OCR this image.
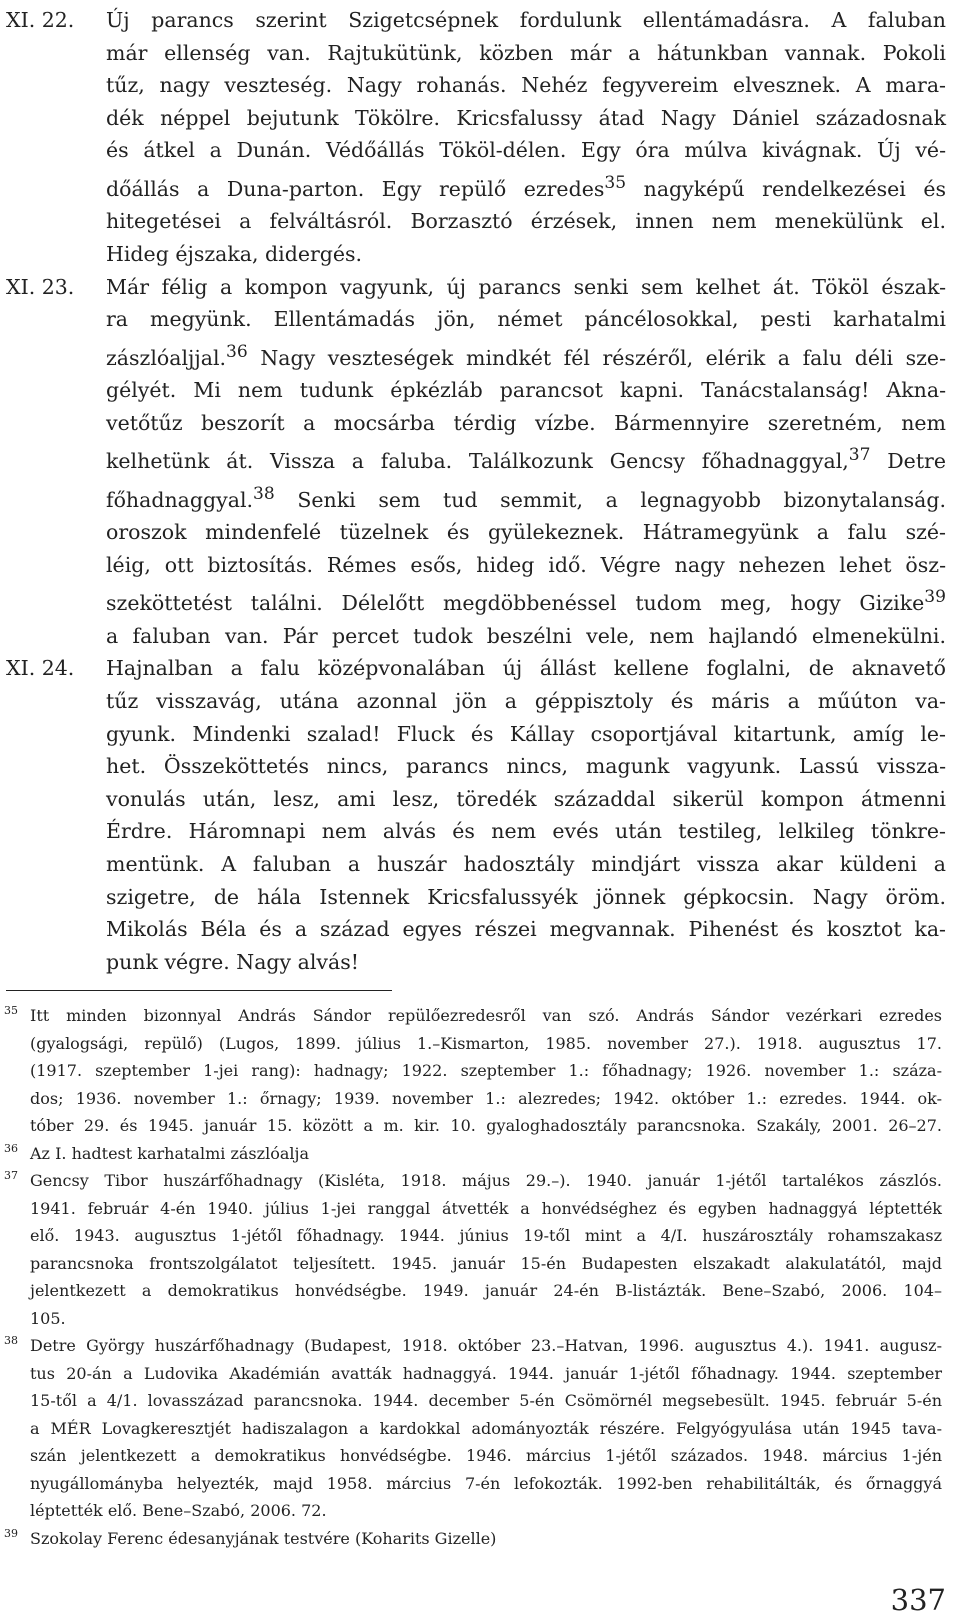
XI. 22.	Új parancs szerint Szigetcsépnek fordulunk ellentámadásra. A faluban
már ellenség van. Rajtukütünk, közben már a hátunkban vannak. Pokoli
tűz, nagy veszteség. Nagy rohanás. Nehéz fegyvereim elvesznek. A mara-
dék néppel bejutunk Tökölre. Kricsfalussy átad Nagy Dániel századosnak
és átkel a Dunán. Védőállás Tököl-délen. Egy óra múlva kivágnak. Új vé-
dőállás a Duna-parton. Egy repülő ezredes$^{35}$ nagyképű rendelkezései és
hitegetései a felváltásról. Borzasztó érzések, innen nem menekülünk el.
Hideg éjszaka, didergés.
XI. 23.	Már félig a kompon vagyunk, új parancs senki sem kelhet át. Tököl észak-
ra megyünk. Ellentámadás jön, német páncélosokkal, pesti karhatalmi
zászlóaljjal.$^{36}$ Nagy veszteségek mindkét fél részéről, elérik a falu déli sze-
gélyét. Mi nem tudunk épkézláb parancsot kapni. Tanácstalanság! Akna-
vetőtűz beszorít a mocsárba térdig vízbe. Bármennyire szeretném, nem
kelhetünk át. Vissza a faluba. Találkozunk Gencsy főhadnaggyal,$^{37}$ Detre
főhadnaggyal.$^{38}$ Senki sem tud semmit, a legnagyobb bizonytalanság.
oroszok mindenfelé tüzelnek és gyülekeznek. Hátramegyünk a falu szé-
léig, ott biztosítás. Rémes esős, hideg idő. Végre nagy nehezen lehet ösz-
szeköttetést találni. Délelőtt megdöbbenéssel tudom meg, hogy Gizike$^{39}$
a faluban van. Pár percet tudok beszélni vele, nem hajlandó elmenekülni.
XI. 24.	Hajnalban a falu középvonalában új állást kellene foglalni, de aknavető
tűz visszavág, utána azonnal jön a géppisztoly és máris a műúton va-
gyunk. Mindenki szalad! Fluck és Kállay csoportjával kitartunk, amíg le-
het. Összeköttetés nincs, parancs nincs, magunk vagyunk. Lassú vissza-
vonulás után, lesz, ami lesz, töredék századdal sikerül kompon átmenni
Érdre. Háromnapi nem alvás és nem evés után testileg, lelkileg tönkre-
mentünk. A faluban a huszár hadosztály mindjárt vissza akar küldeni a
szigetre, de hála Istennek Kricsfalussyék jönnek gépkocsin. Nagy öröm.
Mikolás Béla és a század egyes részei megvannak. Pihenést és kosztot ka-
punk végre. Nagy alvás!
35 Itt minden bizonnyal András Sándor repülőezredesről van szó. András Sándor vezérkari ezredes
(gyalogsági, repülő) (Lugos, 1899. július 1.–Kismarton, 1985. november 27.). 1918. augusztus 17.
(1917. szeptember 1-jei rang): hadnagy; 1922. szeptember 1.: főhadnagy; 1926. november 1.: száza-
dos; 1936. november 1.: őrnagy; 1939. november 1.: alezredes; 1942. október 1.: ezredes. 1944. ok-
tóber 29. és 1945. január 15. között a m. kir. 10. gyaloghadosztály parancsnoka. Szakály, 2001. 26–27.
36 Az I. hadtest karhatalmi zászlóalja
37 Gencsy Tibor huszárfőhadnagy (Kisléta, 1918. május 29.–). 1940. január 1-jétől tartalékos zászlós.
1941. február 4-én 1940. július 1-jei ranggal átvették a honvédséghez és egyben hadnaggyá léptették
elő. 1943. augusztus 1-jétől főhadnagy. 1944. június 19-től mint a 4/I. huszárosztály rohamszakasz
parancsnoka frontszolgálatot teljesített. 1945. január 15-én Budapesten elszakadt alakulatától, majd
jelentkezett a demokratikus honvédségbe. 1949. január 24-én B-listázták. Bene–Szabó, 2006. 104–
105.
38 Detre György huszárfőhadnagy (Budapest, 1918. október 23.–Hatvan, 1996. augusztus 4.). 1941. augusz-
tus 20-án a Ludovika Akadémián avatták hadnaggyá. 1944. január 1-jétől főhadnagy. 1944. szeptember
15-től a 4/1. lovasszázad parancsnoka. 1944. december 5-én Csömörnél megsebesült. 1945. február 5-én
a MÉR Lovagkeresztjét hadiszalagon a kardokkal adományozták részére. Felgyógyulása után 1945 tava-
szán jelentkezett a demokratikus honvédségbe. 1946. március 1-jétől százados. 1948. március 1-jén
nyugállományba helyezték, majd 1958. március 7-én lefokozták. 1992-ben rehabilitálták, és őrnaggyá
léptették elő. Bene–Szabó, 2006. 72.
39 Szokolay Ferenc édesanyjának testvére (Koharits Gizelle)
337
